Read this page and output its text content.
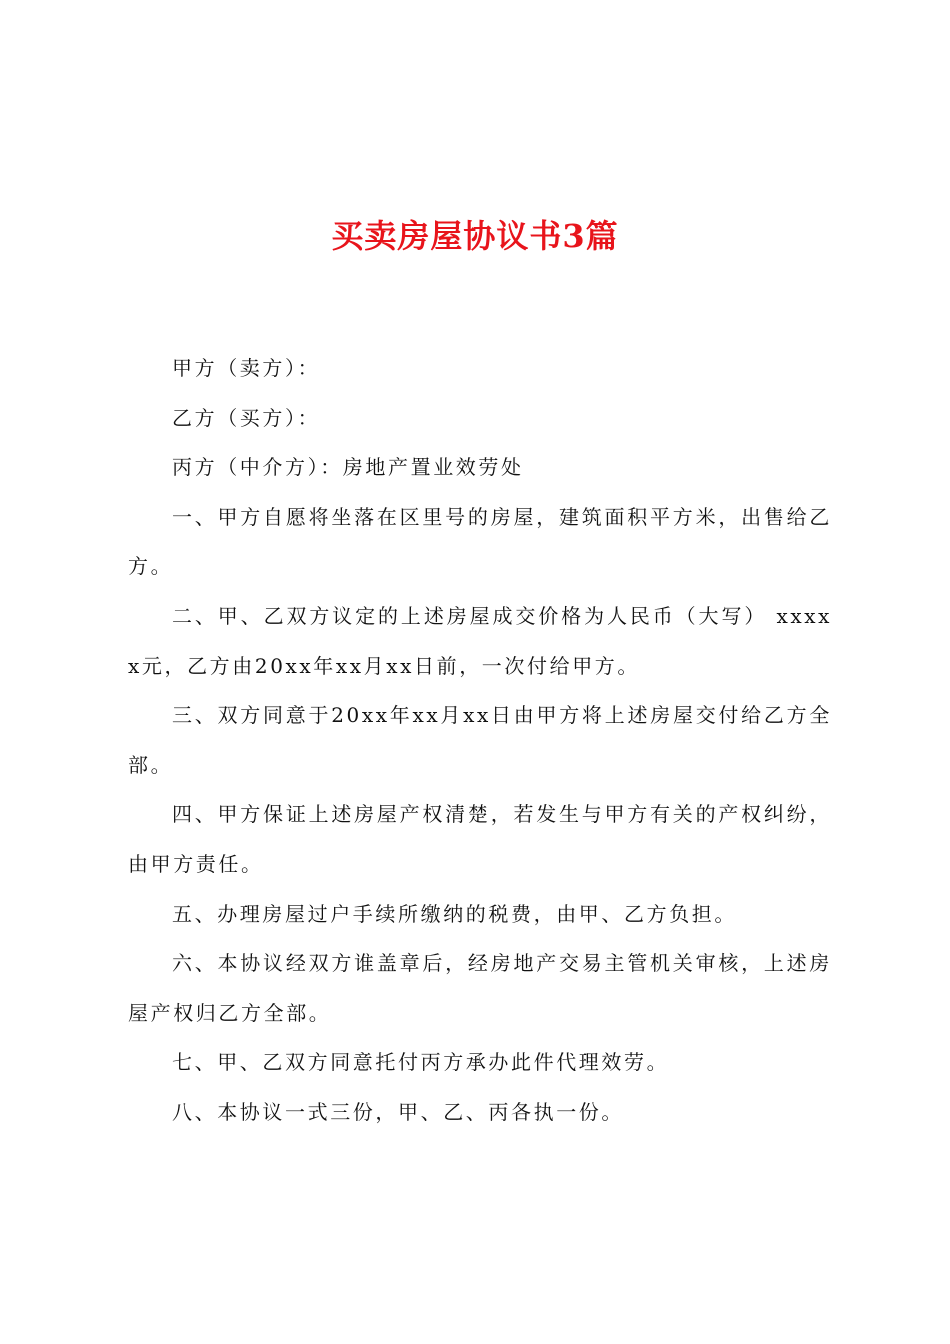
买卖房屋协议书3篇

甲方（卖方）：

乙方（买方）：

丙方（中介方）：房地产置业效劳处

一、甲方自愿将坐落在区里号的房屋，建筑面积平方米，出售给乙方。

二、甲、乙双方议定的上述房屋成交价格为人民币（大写） xxxxx元，乙方由20xx年xx月xx日前，一次付给甲方。

三、双方同意于20xx年xx月xx日由甲方将上述房屋交付给乙方全部。

四、甲方保证上述房屋产权清楚，若发生与甲方有关的产权纠纷，由甲方责任。

五、办理房屋过户手续所缴纳的税费，由甲、乙方负担。

六、本协议经双方谁盖章后，经房地产交易主管机关审核，上述房屋产权归乙方全部。

七、甲、乙双方同意托付丙方承办此件代理效劳。

八、本协议一式三份，甲、乙、丙各执一份。
